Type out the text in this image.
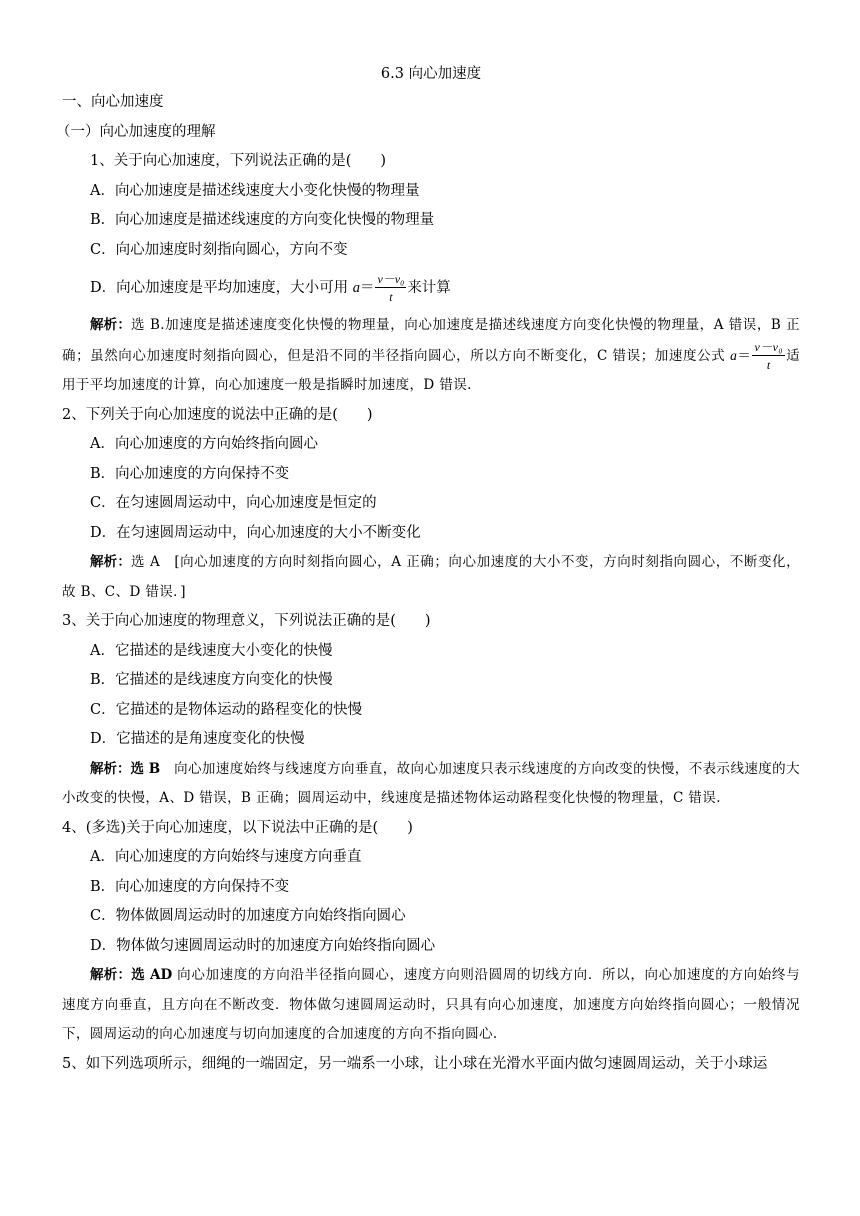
6.3 向心加速度
一、向心加速度
（一）向心加速度的理解
1、关于向心加速度，下列说法正确的是(　　)
A．向心加速度是描述线速度大小变化快慢的物理量
B．向心加速度是描述线速度的方向变化快慢的物理量
C．向心加速度时刻指向圆心，方向不变
D．向心加速度是平均加速度，大小可用 $a= \frac{\text{v－v₀}}{t}$ 来计算
解析：选 B.加速度是描述速度变化快慢的物理量，向心加速度是描述线速度方向变化快慢的物理量，A 错误，B 正确；虽然向心加速度时刻指向圆心，但是沿不同的半径指向圆心，所以方向不断变化，C 错误；加速度公式 $a= \frac{\text{v－v₀}}{t}$ 适用于平均加速度的计算，向心加速度一般是指瞬时加速度，D 错误.
2、下列关于向心加速度的说法中正确的是(　　)
A．向心加速度的方向始终指向圆心
B．向心加速度的方向保持不变
C．在匀速圆周运动中，向心加速度是恒定的
D．在匀速圆周运动中，向心加速度的大小不断变化
解析：选 A　[向心加速度的方向时刻指向圆心，A 正确；向心加速度的大小不变，方向时刻指向圆心，不断变化，故 B、C、D 错误．]
3、关于向心加速度的物理意义，下列说法正确的是(　　)
A．它描述的是线速度大小变化的快慢
B．它描述的是线速度方向变化的快慢
C．它描述的是物体运动的路程变化的快慢
D．它描述的是角速度变化的快慢
解析：选 B　向心加速度始终与线速度方向垂直，故向心加速度只表示线速度的方向改变的快慢，不表示线速度的大小改变的快慢，A、D 错误，B 正确；圆周运动中，线速度是描述物体运动路程变化快慢的物理量，C 错误.
4、(多选)关于向心加速度，以下说法中正确的是(　　)
A．向心加速度的方向始终与速度方向垂直
B．向心加速度的方向保持不变
C．物体做圆周运动时的加速度方向始终指向圆心
D．物体做匀速圆周运动时的加速度方向始终指向圆心
解析：选 AD 向心加速度的方向沿半径指向圆心，速度方向则沿圆周的切线方向．所以，向心加速度的方向始终与速度方向垂直，且方向在不断改变．物体做匀速圆周运动时，只具有向心加速度，加速度方向始终指向圆心；一般情况下，圆周运动的向心加速度与切向加速度的合加速度的方向不指向圆心.
5、如下列选项所示，细绳的一端固定，另一端系一小球，让小球在光滑水平面内做匀速圆周运动，关于小球运
